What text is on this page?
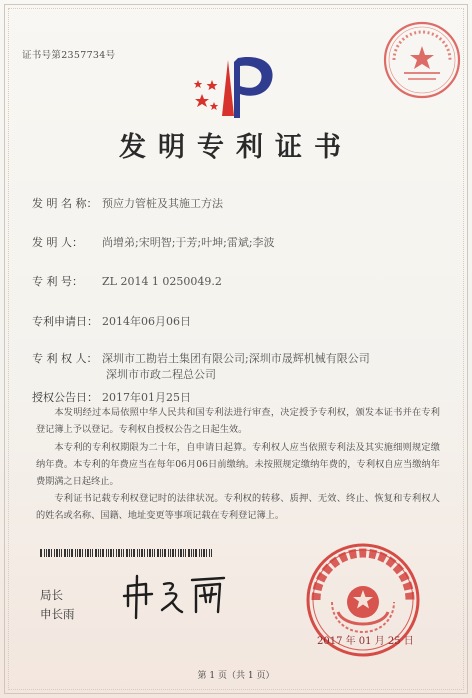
证书号第2357734号
发明专利证书
发 明 名 称： 预应力管桩及其施工方法
发 明 人： 尚增弟;宋明智;于芳;叶坤;雷斌;李波
专 利 号： ZL 2014 1 0250049.2
专利申请日： 2014年06月06日
专 利 权 人： 深圳市工勘岩土集团有限公司;深圳市晟辉机械有限公司
深圳市市政二程总公司
授权公告日： 2017年01月25日
本发明经过本局依照中华人民共和国专利法进行审查，决定授予专利权，颁发本证书并在专利登记簿上予以登记。专利权自授权公告之日起生效。
本专利的专利权期限为二十年，自申请日起算。专利权人应当依照专利法及其实施细则规定缴纳年费。本专利的年费应当在每年06月06日前缴纳。未按照规定缴纳年费的，专利权自应当缴纳年费期满之日起终止。
专利证书记载专利权登记时的法律状况。专利权的转移、质押、无效、终止、恢复和专利权人的姓名或名称、国籍、地址变更等事项记载在专利登记簿上。
局长
申长雨
2017 年 01 月 25 日
第 1 页（共 1 页）
